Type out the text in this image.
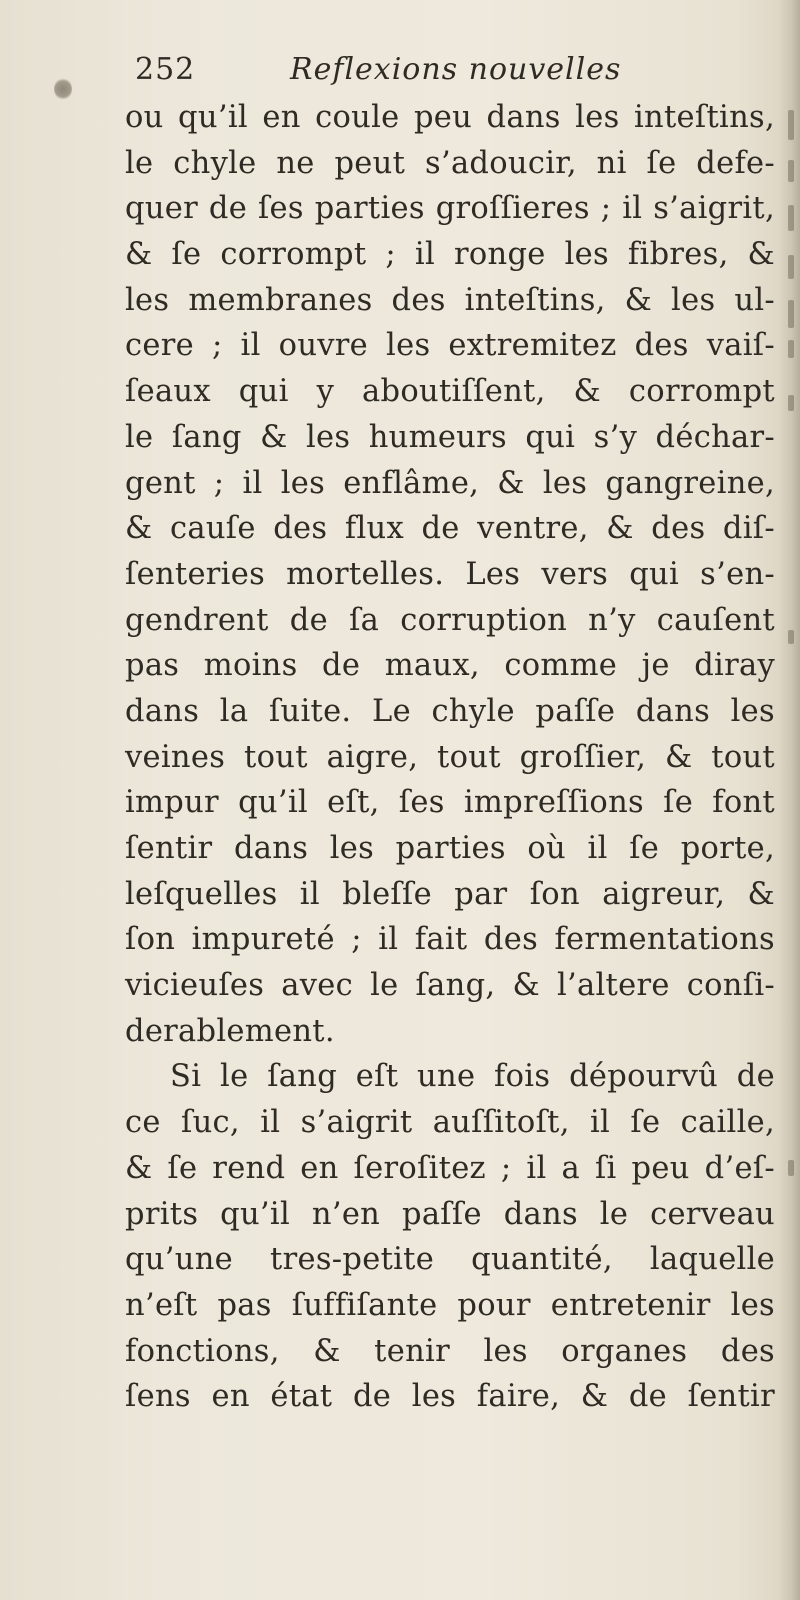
252	Reflexions nouvelles
ou qu’il en coule peu dans les inteſtins,
le chyle ne peut s’adoucir, ni ſe defe-
quer de ſes parties groſſieres ; il s’aigrit,
& ſe corrompt ; il ronge les fibres, &
les membranes des inteſtins, & les ul-
cere ; il ouvre les extremitez des vaiſ-
ſeaux qui y aboutiſſent, & corrompt
le ſang & les humeurs qui s’y déchar-
gent ; il les enflâme, & les gangreine,
& cauſe des flux de ventre, & des diſ-
ſenteries mortelles. Les vers qui s’en-
gendrent de ſa corruption n’y cauſent
pas moins de maux, comme je diray
dans la ſuite. Le chyle paſſe dans les
veines tout aigre, tout groſſier, & tout
impur qu’il eſt, ſes impreſſions ſe font
ſentir dans les parties où il ſe porte,
leſquelles il bleſſe par ſon aigreur, &
ſon impureté ; il fait des fermentations
vicieuſes avec le ſang, & l’altere conſi-
derablement.
Si le ſang eſt une fois dépourvû de
ce ſuc, il s’aigrit auſſitoſt, il ſe caille,
& ſe rend en ſeroſitez ; il a ſi peu d’eſ-
prits qu’il n’en paſſe dans le cerveau
qu’une tres-petite quantité, laquelle
n’eſt pas ſuffiſante pour entretenir les
fonctions, & tenir les organes des
ſens en état de les faire, & de ſentir
